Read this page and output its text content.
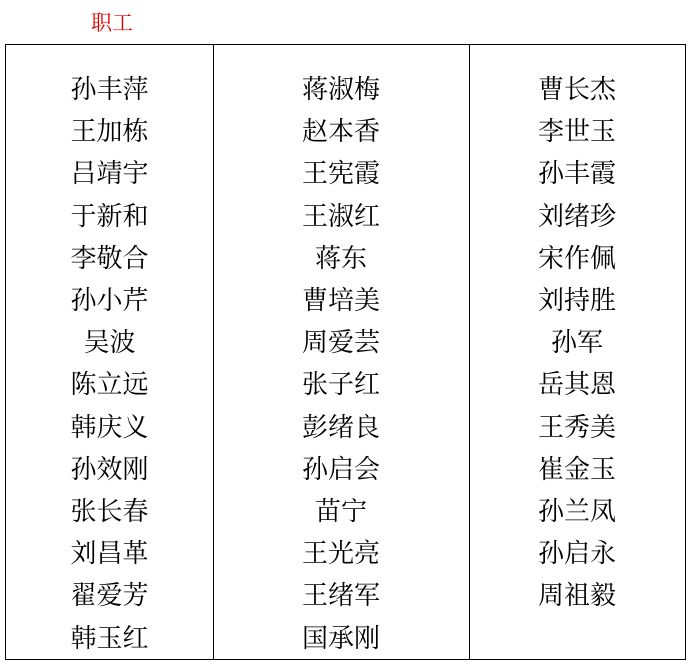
职工
孙丰萍	蒋淑梅	曹长杰
王加栋	赵本香	李世玉
吕靖宇	王宪霞	孙丰霞
于新和	王淑红	刘绪珍
李敬合	蒋东	宋作佩
孙小芹	曹培美	刘持胜
吴波	周爱芸	孙军
陈立远	张子红	岳其恩
韩庆义	彭绪良	王秀美
孙效刚	孙启会	崔金玉
张长春	苗宁	孙兰凤
刘昌革	王光亮	孙启永
翟爱芳	王绪军	周祖毅
韩玉红	国承刚
